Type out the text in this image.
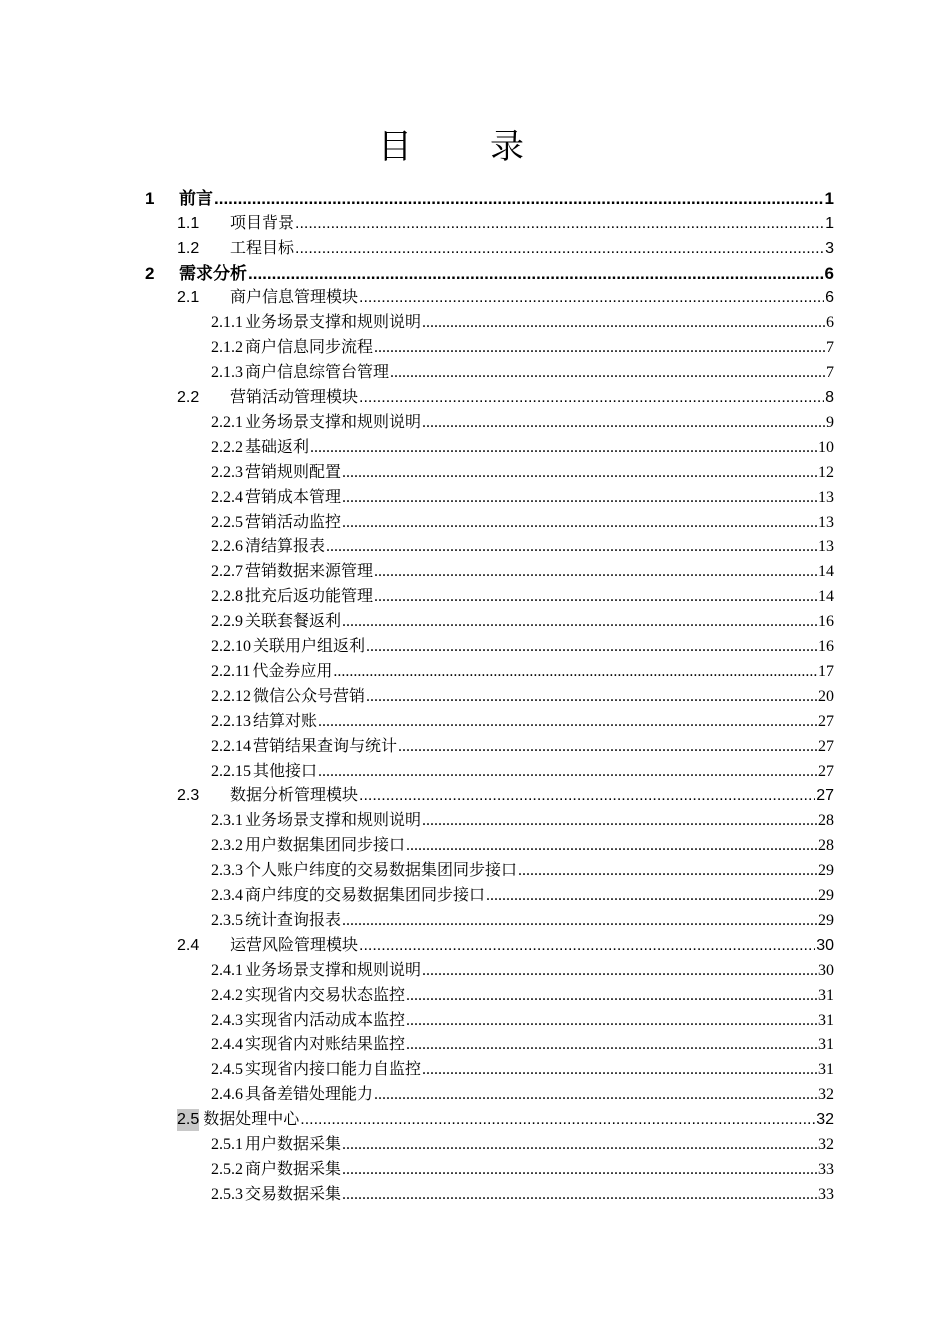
目录
1	前言 .....	1
1.1	项目背景 .....	1
1.2	工程目标 .....	3
2	需求分析 .....	6
2.1	商户信息管理模块 .....	6
2.1.1 业务场景支撑和规则说明 .....	6
2.1.2 商户信息同步流程 .....	7
2.1.3 商户信息综管台管理 .....	7
2.2	营销活动管理模块 .....	8
2.2.1 业务场景支撑和规则说明 .....	9
2.2.2 基础返利 .....	10
2.2.3 营销规则配置 .....	12
2.2.4 营销成本管理 .....	13
2.2.5 营销活动监控 .....	13
2.2.6 清结算报表 .....	13
2.2.7 营销数据来源管理 .....	14
2.2.8 批充后返功能管理 .....	14
2.2.9 关联套餐返利 .....	16
2.2.10 关联用户组返利 .....	16
2.2.11 代金券应用 .....	17
2.2.12 微信公众号营销 .....	20
2.2.13 结算对账 .....	27
2.2.14 营销结果查询与统计 .....	27
2.2.15 其他接口 .....	27
2.3	数据分析管理模块 .....	27
2.3.1 业务场景支撑和规则说明 .....	28
2.3.2 用户数据集团同步接口 .....	28
2.3.3 个人账户纬度的交易数据集团同步接口 .....	29
2.3.4 商户纬度的交易数据集团同步接口 .....	29
2.3.5 统计查询报表 .....	29
2.4	运营风险管理模块 .....	30
2.4.1 业务场景支撑和规则说明 .....	30
2.4.2 实现省内交易状态监控 .....	31
2.4.3 实现省内活动成本监控 .....	31
2.4.4 实现省内对账结果监控 .....	31
2.4.5 实现省内接口能力自监控 .....	31
2.4.6 具备差错处理能力 .....	32
2.5 数据处理中心 .....	32
2.5.1 用户数据采集 .....	32
2.5.2 商户数据采集 .....	33
2.5.3 交易数据采集 .....	33
